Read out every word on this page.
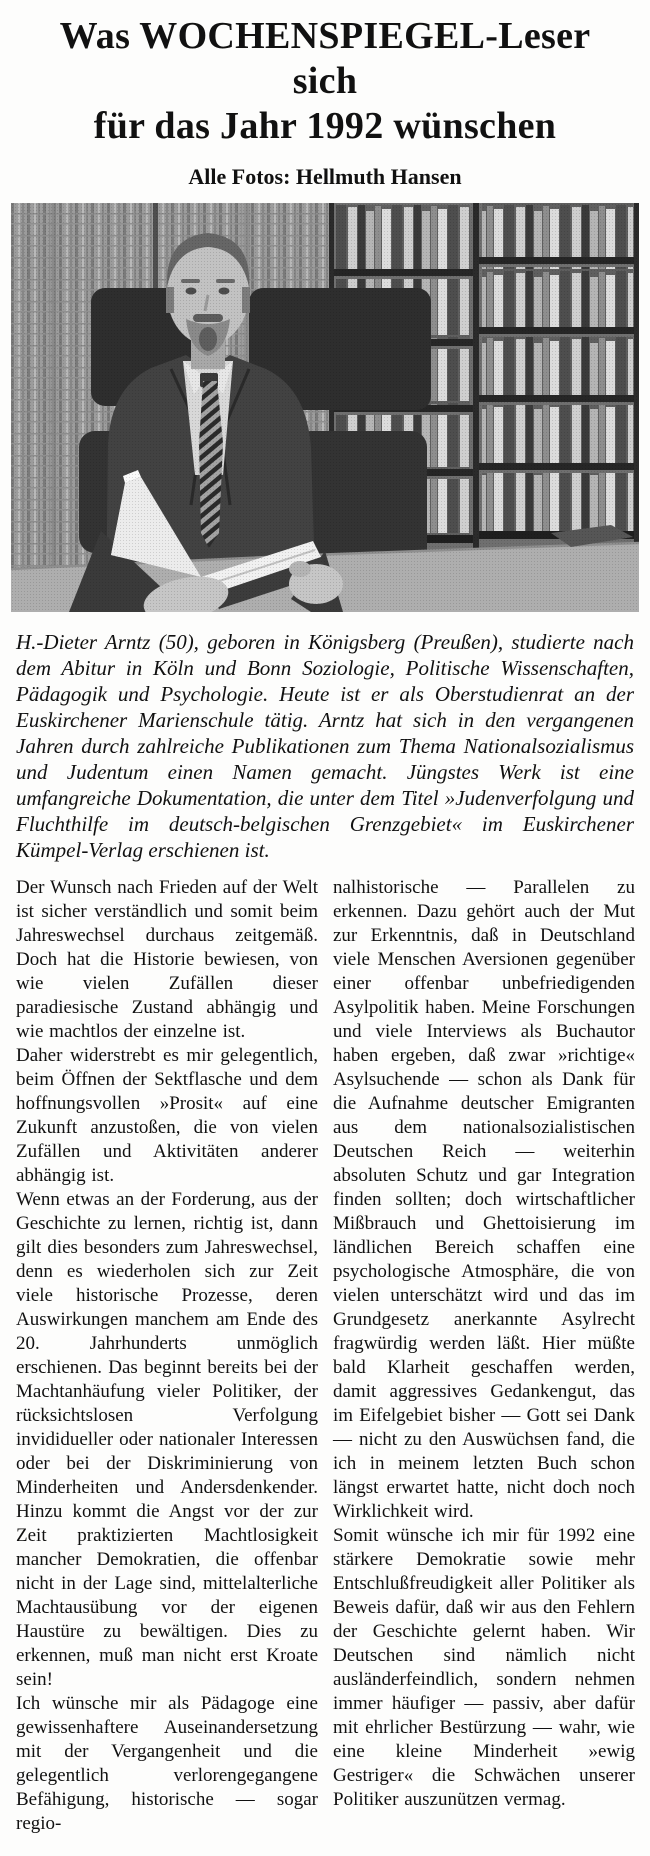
Was WOCHENSPIEGEL-Leser
sich
für das Jahr 1992 wünschen
Alle Fotos: Hellmuth Hansen

H.-Dieter Arntz (50), geboren in Königsberg (Preußen), studierte nach dem Abitur in Köln und Bonn Soziologie, Politische Wissenschaften, Pädagogik und Psychologie. Heute ist er als Oberstudienrat an der Euskirchener Marienschule tätig. Arntz hat sich in den vergangenen Jahren durch zahlreiche Publikationen zum Thema Nationalsozialismus und Judentum einen Namen gemacht. Jüngstes Werk ist eine umfangreiche Dokumentation, die unter dem Titel »Judenverfolgung und Fluchthilfe im deutsch-belgischen Grenzgebiet« im Euskirchener Kümpel-Verlag erschienen ist.

Der Wunsch nach Frieden auf der Welt ist sicher verständlich und somit beim Jahreswechsel durchaus zeitgemäß. Doch hat die Historie bewiesen, von wie vielen Zufällen dieser paradiesische Zustand abhängig und wie machtlos der einzelne ist.

Daher widerstrebt es mir gelegentlich, beim Öffnen der Sektflasche und dem hoffnungsvollen »Prosit« auf eine Zukunft anzustoßen, die von vielen Zufällen und Aktivitäten anderer abhängig ist.

Wenn etwas an der Forderung, aus der Geschichte zu lernen, richtig ist, dann gilt dies besonders zum Jahreswechsel, denn es wiederholen sich zur Zeit viele historische Prozesse, deren Auswirkungen manchem am Ende des 20. Jahrhunderts unmöglich erschienen. Das beginnt bereits bei der Machtanhäufung vieler Politiker, der rücksichtslosen Verfolgung invididueller oder nationaler Interessen oder bei der Diskriminierung von Minderheiten und Andersdenkender. Hinzu kommt die Angst vor der zur Zeit praktizierten Machtlosigkeit mancher Demokratien, die offenbar nicht in der Lage sind, mittelalterliche Machtausübung vor der eigenen Haustüre zu bewältigen. Dies zu erkennen, muß man nicht erst Kroate sein!

Ich wünsche mir als Pädagoge eine gewissenhaftere Auseinandersetzung mit der Vergangenheit und die gelegentlich verlorengegangene Befähigung, historische — sogar regio-

nalhistorische — Parallelen zu erkennen. Dazu gehört auch der Mut zur Erkenntnis, daß in Deutschland viele Menschen Aversionen gegenüber einer offenbar unbefriedigenden Asylpolitik haben. Meine Forschungen und viele Interviews als Buchautor haben ergeben, daß zwar »richtige« Asylsuchende — schon als Dank für die Aufnahme deutscher Emigranten aus dem nationalsozialistischen Deutschen Reich — weiterhin absoluten Schutz und gar Integration finden sollten; doch wirtschaftlicher Mißbrauch und Ghettoisierung im ländlichen Bereich schaffen eine psychologische Atmosphäre, die von vielen unterschätzt wird und das im Grundgesetz anerkannte Asylrecht fragwürdig werden läßt. Hier müßte bald Klarheit geschaffen werden, damit aggressives Gedankengut, das im Eifelgebiet bisher — Gott sei Dank — nicht zu den Auswüchsen fand, die ich in meinem letzten Buch schon längst erwartet hatte, nicht doch noch Wirklichkeit wird.

Somit wünsche ich mir für 1992 eine stärkere Demokratie sowie mehr Entschlußfreudigkeit aller Politiker als Beweis dafür, daß wir aus den Fehlern der Geschichte gelernt haben. Wir Deutschen sind nämlich nicht ausländerfeindlich, sondern nehmen immer häufiger — passiv, aber dafür mit ehrlicher Bestürzung — wahr, wie eine kleine Minderheit »ewig Gestriger« die Schwächen unserer Politiker auszunützen vermag.
